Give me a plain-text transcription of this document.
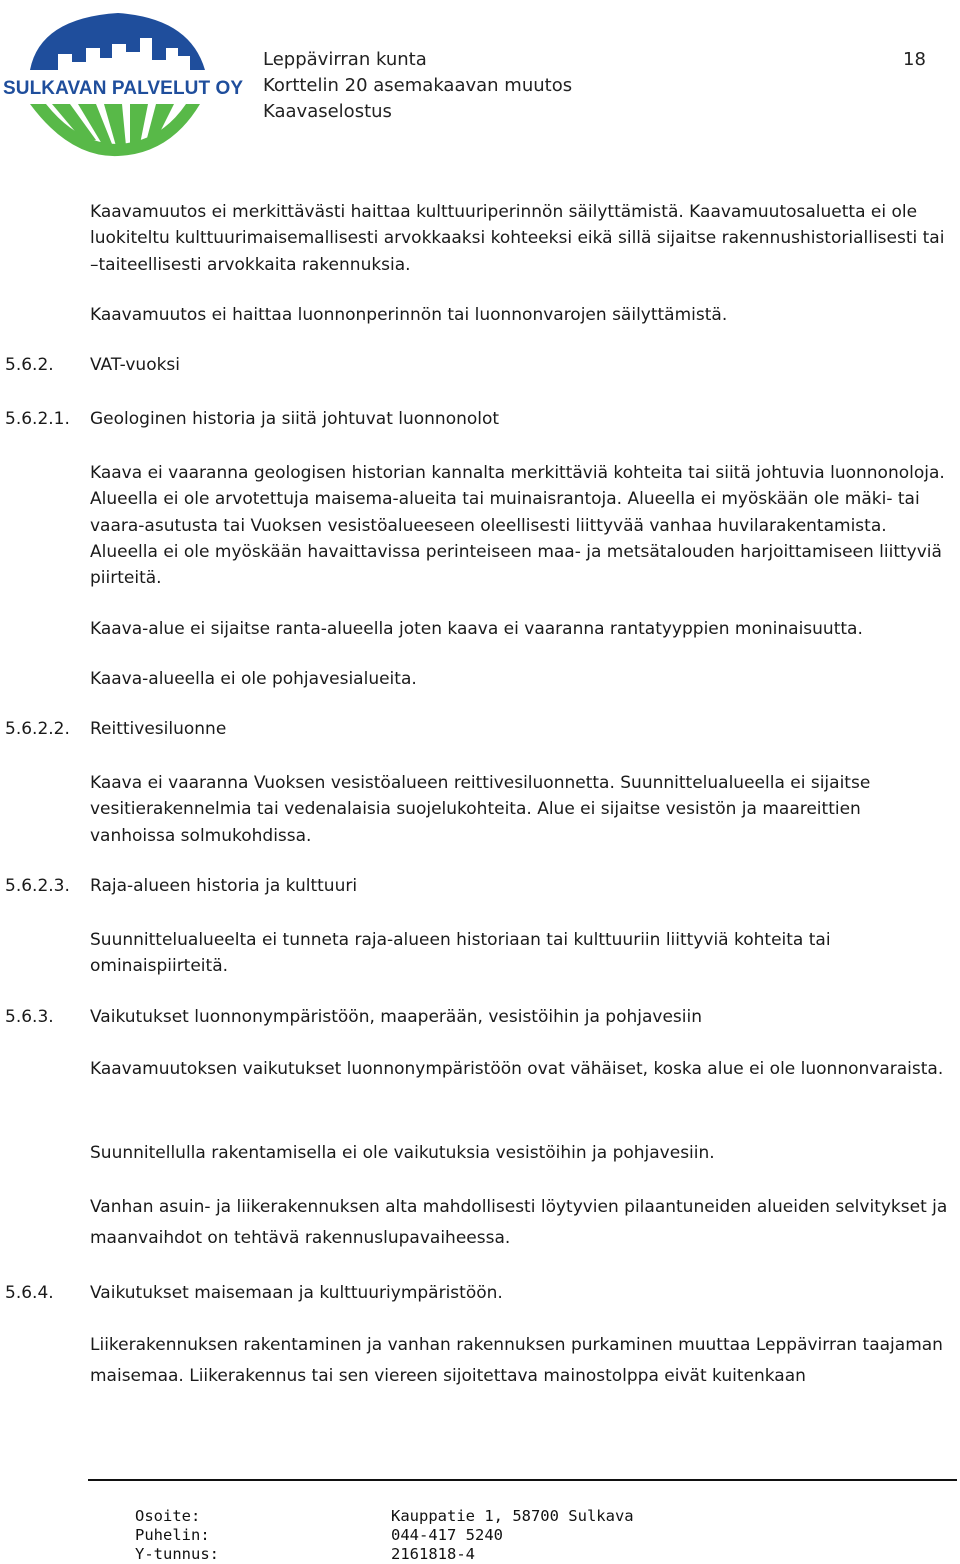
SULKAVAN PALVELUT OY
Leppävirran kunta
Korttelin 20 asemakaavan muutos
Kaavaselostus
18
Kaavamuutos ei merkittävästi haittaa kulttuuriperinnön säilyttämistä. Kaavamuutosaluetta ei ole luokiteltu kulttuurimaisemallisesti arvokkaaksi kohteeksi eikä sillä sijaitse rakennushistoriallisesti tai –taiteellisesti arvokkaita rakennuksia.
Kaavamuutos ei haittaa luonnonperinnön tai luonnonvarojen säilyttämistä.
5.6.2. VAT-vuoksi
5.6.2.1. Geologinen historia ja siitä johtuvat luonnonolot
Kaava ei vaaranna geologisen historian kannalta merkittäviä kohteita tai siitä johtuvia luonnonoloja. Alueella ei ole arvotettuja maisema-alueita tai muinaisrantoja. Alueella ei myöskään ole mäki- tai vaara-asutusta tai Vuoksen vesistöalueeseen oleellisesti liittyvää vanhaa huvilarakentamista. Alueella ei ole myöskään havaittavissa perinteiseen maa- ja metsätalouden harjoittamiseen liittyviä piirteitä.
Kaava-alue ei sijaitse ranta-alueella joten kaava ei vaaranna rantatyyppien moninaisuutta.
Kaava-alueella ei ole pohjavesialueita.
5.6.2.2. Reittivesiluonne
Kaava ei vaaranna Vuoksen vesistöalueen reittivesiluonnetta. Suunnittelualueella ei sijaitse vesitierakennelmia tai vedenalaisia suojelukohteita. Alue ei sijaitse vesistön ja maareittien vanhoissa solmukohdissa.
5.6.2.3. Raja-alueen historia ja kulttuuri
Suunnittelualueelta ei tunneta raja-alueen historiaan tai kulttuuriin liittyviä kohteita tai ominaispiirteitä.
5.6.3. Vaikutukset luonnonympäristöön, maaperään, vesistöihin ja pohjavesiin
Kaavamuutoksen vaikutukset luonnonympäristöön ovat vähäiset, koska alue ei ole luonnonvaraista.
Suunnitellulla rakentamisella ei ole vaikutuksia vesistöihin ja pohjavesiin.
Vanhan asuin- ja liikerakennuksen alta mahdollisesti löytyvien pilaantuneiden alueiden selvitykset ja maanvaihdot on tehtävä rakennuslupavaiheessa.
5.6.4. Vaikutukset maisemaan ja kulttuuriympäristöön.
Liikerakennuksen rakentaminen ja vanhan rakennuksen purkaminen muuttaa Leppävirran taajaman maisemaa. Liikerakennus tai sen viereen sijoitettava mainostolppa eivät kuitenkaan
Osoite:	Kauppatie 1, 58700 Sulkava
Puhelin:	044-417 5240
Y-tunnus:	2161818-4
